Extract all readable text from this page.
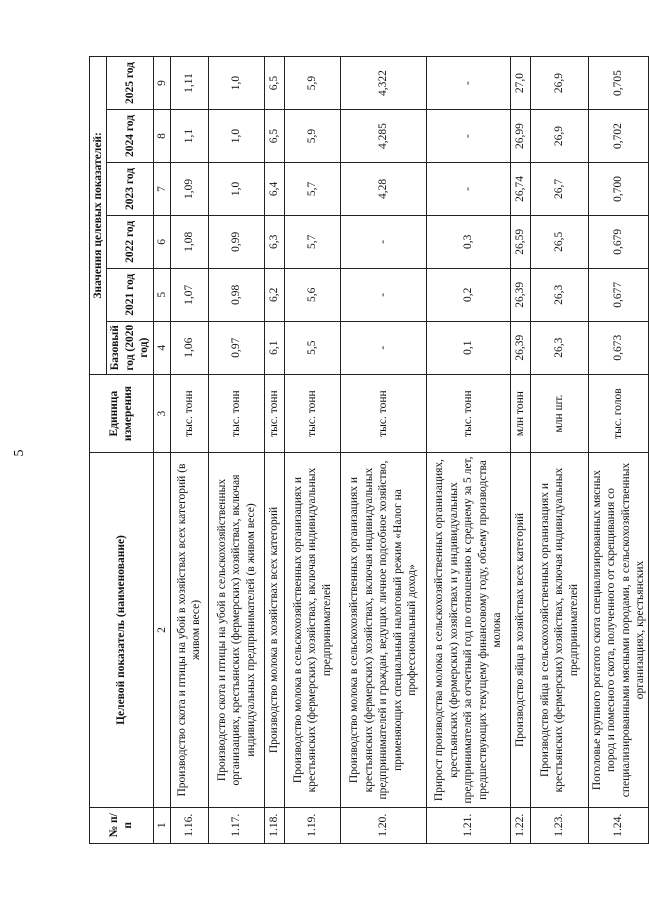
5
№ п/п	Целевой показатель (наименование)	Единица измерения	Значения целевых показателей:					
			Базовый год (2020 год)	2021 год	2022 год	2023 год	2024 год	2025 год
1	2	3	4	5	6	7	8	9
1.16.	Производство скота и птицы на убой в хозяйствах всех категорий (в живом весе)	тыс. тонн	1,06	1,07	1,08	1,09	1,1	1,11
1.17.	Производство скота и птицы на убой в сельскохозяйственных организациях, крестьянских (фермерских) хозяйствах, включая индивидуальных предпринимателей (в живом весе)	тыс. тонн	0,97	0,98	0,99	1,0	1,0	1,0
1.18.	Производство молока в хозяйствах всех категорий	тыс. тонн	6,1	6,2	6,3	6,4	6,5	6,5
1.19.	Производство молока в сельскохозяйственных организациях и крестьянских (фермерских) хозяйствах, включая индивидуальных предпринимателей	тыс. тонн	5,5	5,6	5,7	5,7	5,9	5,9
1.20.	Производство молока в сельскохозяйственных организациях и крестьянских (фермерских) хозяйствах, включая индивидуальных предпринимателей и граждан, ведущих личное подсобное хозяйство, применяющих специальный налоговый режим «Налог на профессиональный доход»	тыс. тонн	-	-	-	4,28	4,285	4,322
1.21.	Прирост производства молока в сельскохозяйственных организациях, крестьянских (фермерских) хозяйствах и у индивидуальных предпринимателей за отчетный год по отношению к среднему за 5 лет, предшествующих текущему финансовому году, объему производства молока	тыс. тонн	0,1	0,2	0,3	-	-	-
1.22.	Производство яйца в хозяйствах всех категорий	млн тонн	26,39	26,39	26,59	26,74	26,99	27,0
1.23.	Производство яйца в сельскохозяйственных организациях и крестьянских (фермерских) хозяйствах, включая индивидуальных предпринимателей	млн шт.	26,3	26,3	26,5	26,7	26,9	26,9
1.24.	Поголовье крупного рогатого скота специализированных мясных пород и помесного скота, полученного от скрещивания со специализированными мясными породами, в сельскохозяйственных организациях, крестьянских	тыс. голов	0,673	0,677	0,679	0,700	0,702	0,705
